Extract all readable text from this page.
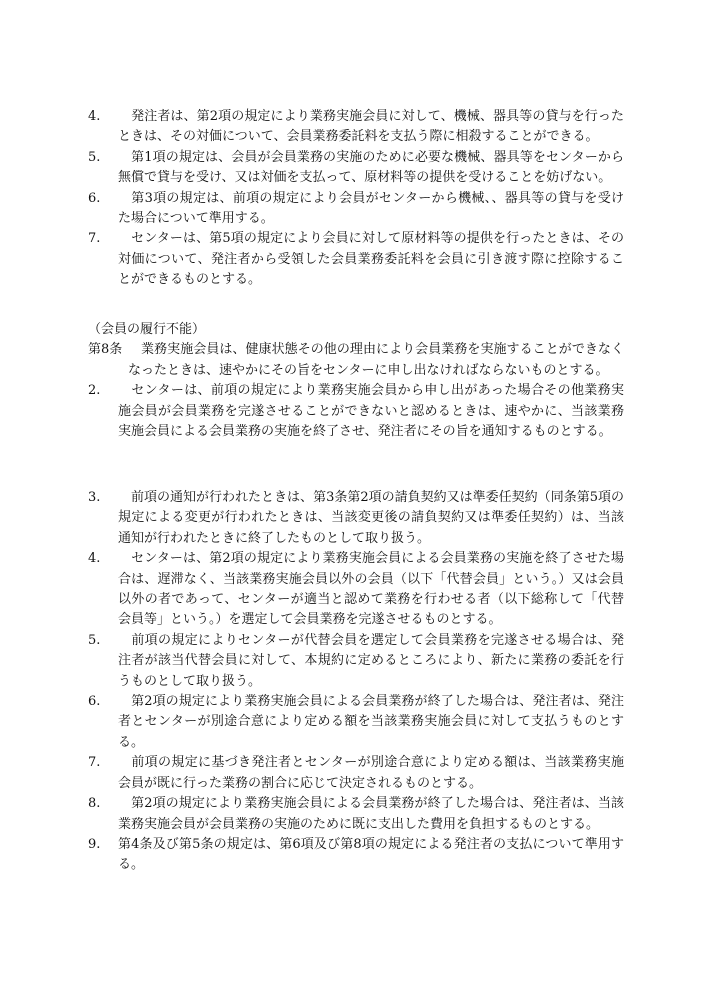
4.	　発注者は、第2項の規定により業務実施会員に対して、機械、器具等の貸与を行ったときは、その対価について、会員業務委託料を支払う際に相殺することができる。
5.	　第1項の規定は、会員が会員業務の実施のために必要な機械、器具等をセンターから無償で貸与を受け、又は対価を支払って、原材料等の提供を受けることを妨げない。
6.	　第3項の規定は、前項の規定により会員がセンターから機械、、器具等の貸与を受けた場合について準用する。
7.	　センターは、第5項の規定により会員に対して原材料等の提供を行ったときは、その対価について、発注者から受領した会員業務委託料を会員に引き渡す際に控除することができるものとする。
（会員の履行不能）
第8条 　業務実施会員は、健康状態その他の理由により会員業務を実施することができなくなったときは、速やかにその旨をセンターに申し出なければならないものとする。
2.	　センターは、前項の規定により業務実施会員から申し出があった場合その他業務実施会員が会員業務を完遂させることができないと認めるときは、速やかに、当該業務実施会員による会員業務の実施を終了させ、発注者にその旨を通知するものとする。
3.	　前項の通知が行われたときは、第3条第2項の請負契約又は準委任契約（同条第5項の規定による変更が行われたときは、当該変更後の請負契約又は準委任契約）は、当該通知が行われたときに終了したものとして取り扱う。
4.	　センターは、第2項の規定により業務実施会員による会員業務の実施を終了させた場合は、遅滞なく、当該業務実施会員以外の会員（以下「代替会員」という。）又は会員以外の者であって、センターが適当と認めて業務を行わせる者（以下総称して「代替会員等」という。）を選定して会員業務を完遂させるものとする。
5.	　前項の規定によりセンターが代替会員を選定して会員業務を完遂させる場合は、発注者が該当代替会員に対して、本規約に定めるところにより、新たに業務の委託を行うものとして取り扱う。
6.	　第2項の規定により業務実施会員による会員業務が終了した場合は、発注者は、発注者とセンターが別途合意により定める額を当該業務実施会員に対して支払うものとする。
7.	　前項の規定に基づき発注者とセンターが別途合意により定める額は、当該業務実施会員が既に行った業務の割合に応じて決定されるものとする。
8.	　第2項の規定により業務実施会員による会員業務が終了した場合は、発注者は、当該業務実施会員が会員業務の実施のために既に支出した費用を負担するものとする。
9.	第4条及び第5条の規定は、第6項及び第8項の規定による発注者の支払について準用する。
